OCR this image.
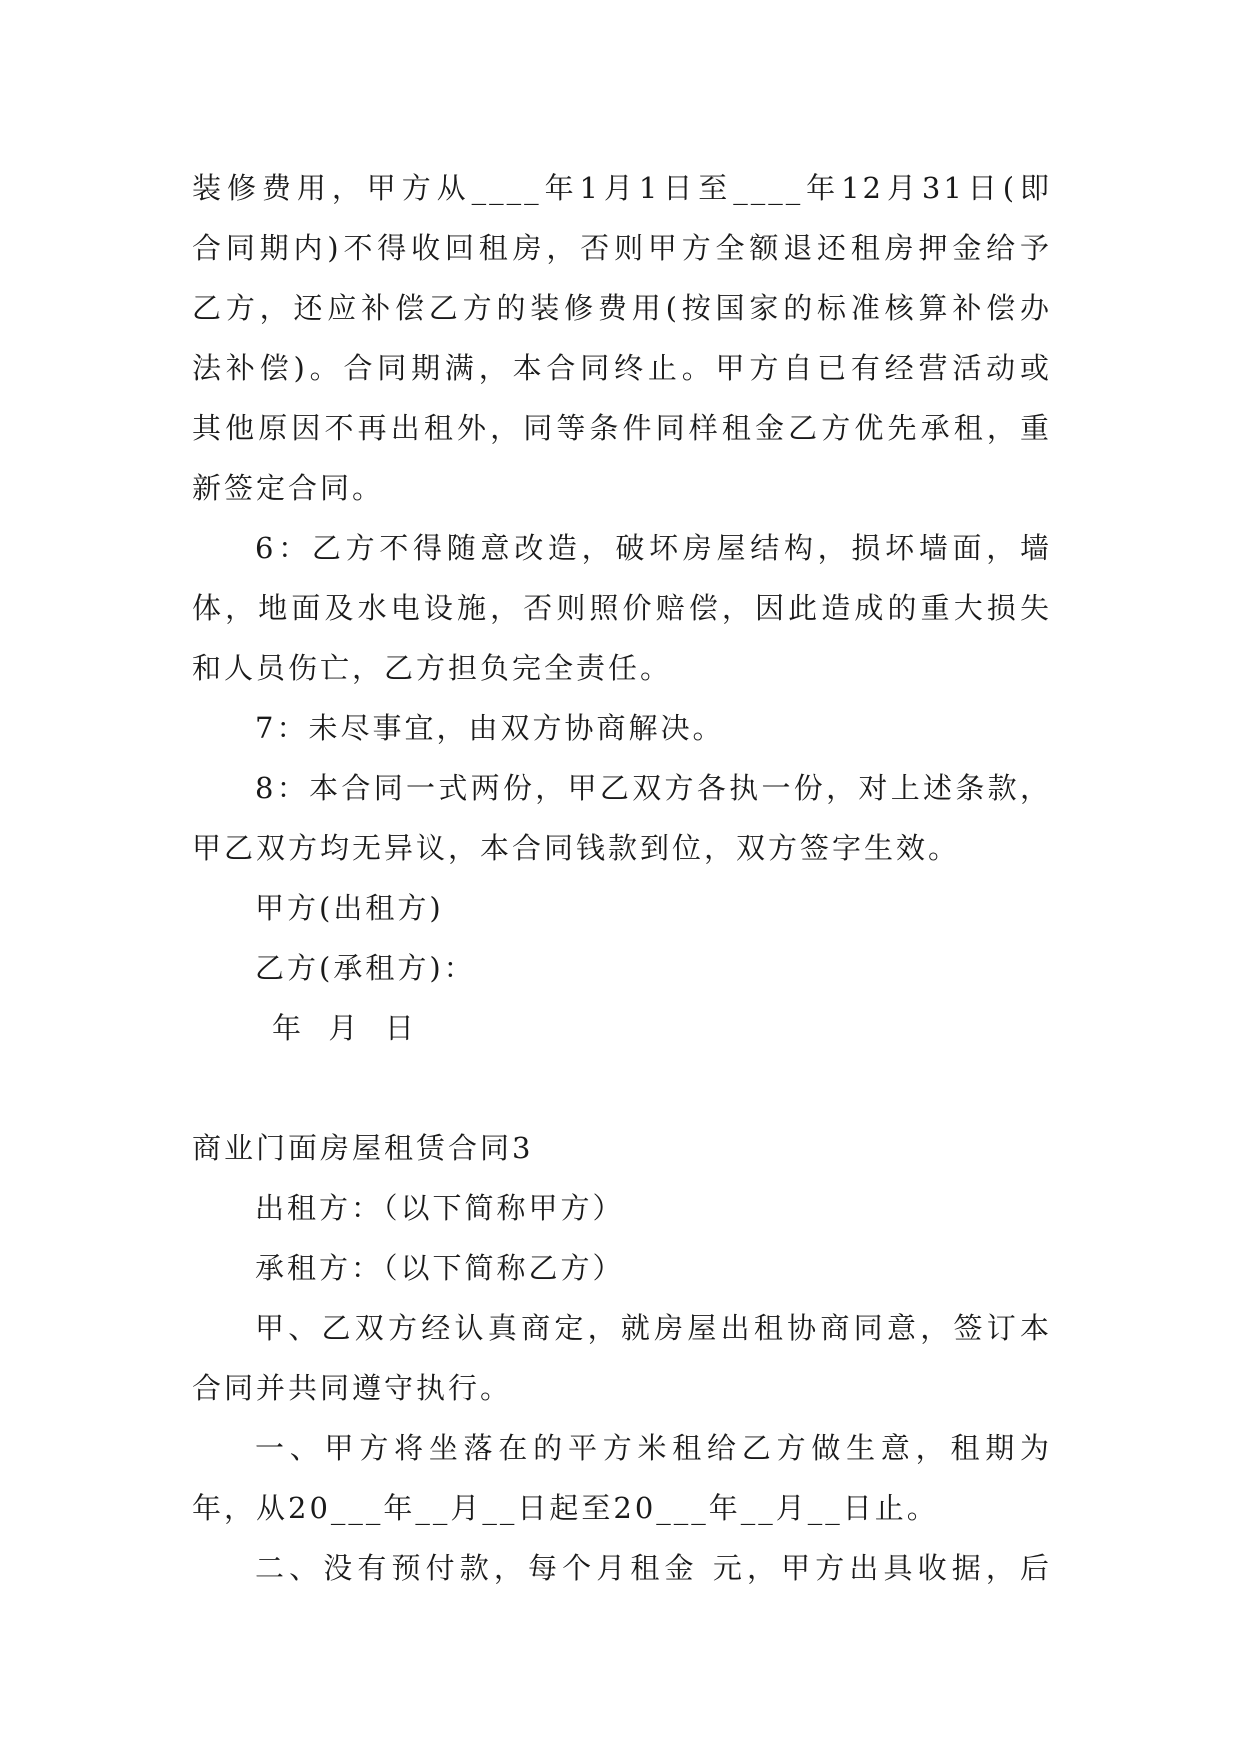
装修费用，甲方从____年1月1日至____年12月31日(即
合同期内)不得收回租房，否则甲方全额退还租房押金给予
乙方，还应补偿乙方的装修费用(按国家的标准核算补偿办
法补偿)。合同期满，本合同终止。甲方自已有经营活动或
其他原因不再出租外，同等条件同样租金乙方优先承租，重
新签定合同。
6：乙方不得随意改造，破坏房屋结构，损坏墙面，墙
体，地面及水电设施，否则照价赔偿，因此造成的重大损失
和人员伤亡，乙方担负完全责任。
7：未尽事宜，由双方协商解决。
8：本合同一式两份，甲乙双方各执一份，对上述条款，
甲乙双方均无异议，本合同钱款到位，双方签字生效。
甲方(出租方)
乙方(承租方)：
年  月  日
商业门面房屋租赁合同3
出租方：（以下简称甲方）
承租方：（以下简称乙方）
甲、乙双方经认真商定，就房屋出租协商同意，签订本
合同并共同遵守执行。
一、甲方将坐落在的平方米租给乙方做生意，租期为
年，从20___年__月__日起至20___年__月__日止。
二、没有预付款，每个月租金 元，甲方出具收据，后
